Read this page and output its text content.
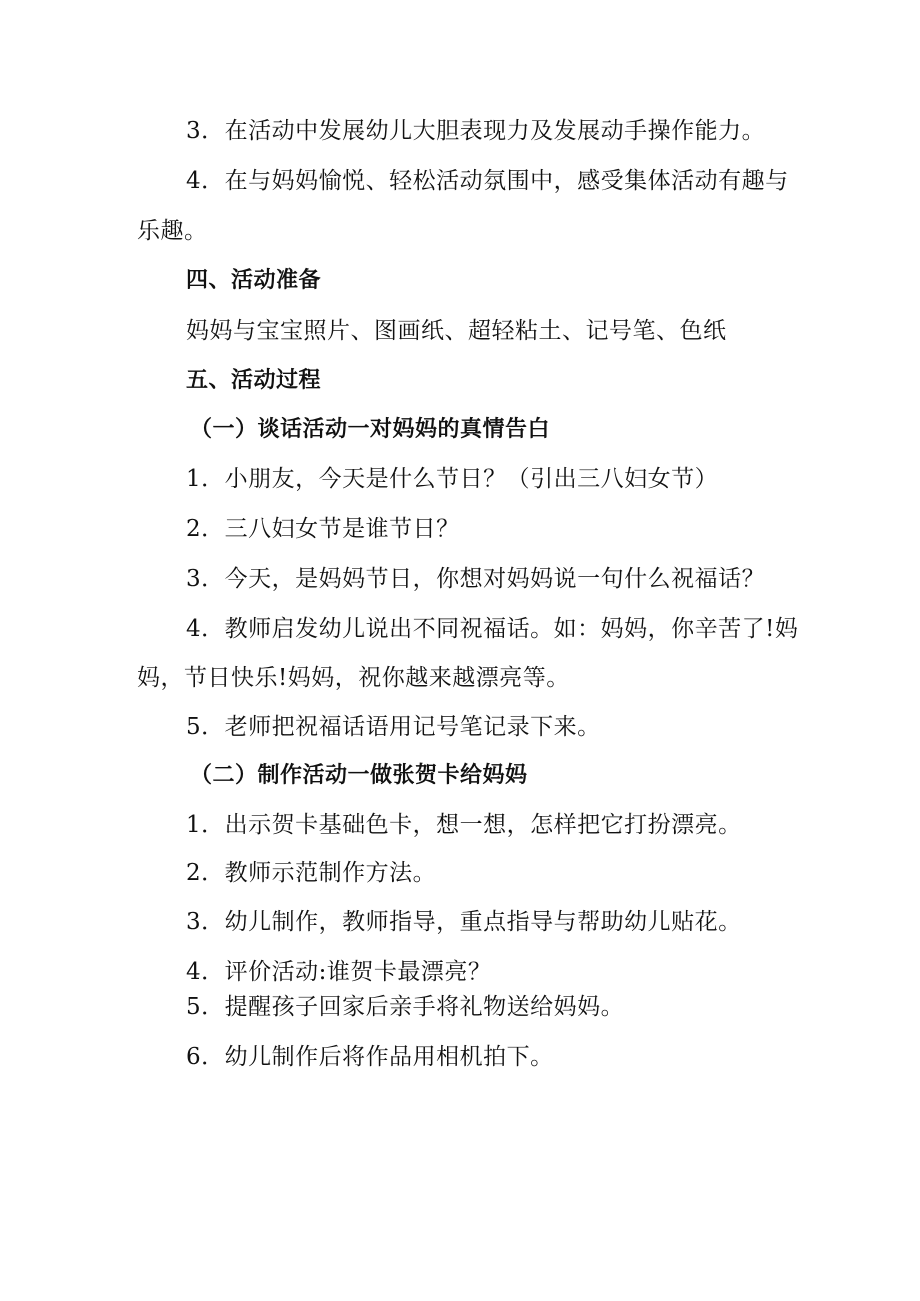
3．在活动中发展幼儿大胆表现力及发展动手操作能力。
4．在与妈妈愉悦、轻松活动氛围中，感受集体活动有趣与
乐趣。
四、活动准备
妈妈与宝宝照片、图画纸、超轻粘土、记号笔、色纸
五、活动过程
（一）谈话活动一对妈妈的真情告白
1．小朋友，今天是什么节日？（引出三八妇女节）
2．三八妇女节是谁节日？
3．今天，是妈妈节日，你想对妈妈说一句什么祝福话？
4．教师启发幼儿说出不同祝福话。如：妈妈，你辛苦了!妈
妈，节日快乐!妈妈，祝你越来越漂亮等。
5．老师把祝福话语用记号笔记录下来。
（二）制作活动一做张贺卡给妈妈
1．出示贺卡基础色卡，想一想，怎样把它打扮漂亮。
2．教师示范制作方法。
3．幼儿制作，教师指导，重点指导与帮助幼儿贴花。
4．评价活动:谁贺卡最漂亮？
5．提醒孩子回家后亲手将礼物送给妈妈。
6．幼儿制作后将作品用相机拍下。
